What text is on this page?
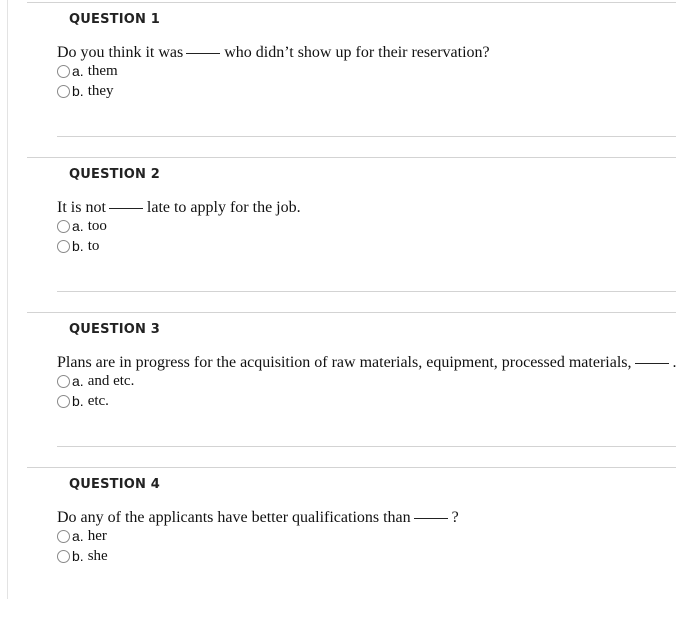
QUESTION 1
Do you think it was	who didn’t show up for their reservation?
a. them
b. they
QUESTION 2
It is not	late to apply for the job.
a. too
b. to
QUESTION 3
Plans are in progress for the acquisition of raw materials, equipment, processed materials,	.
a. and etc.
b. etc.
QUESTION 4
Do any of the applicants have better qualifications than	?
a. her
b. she
